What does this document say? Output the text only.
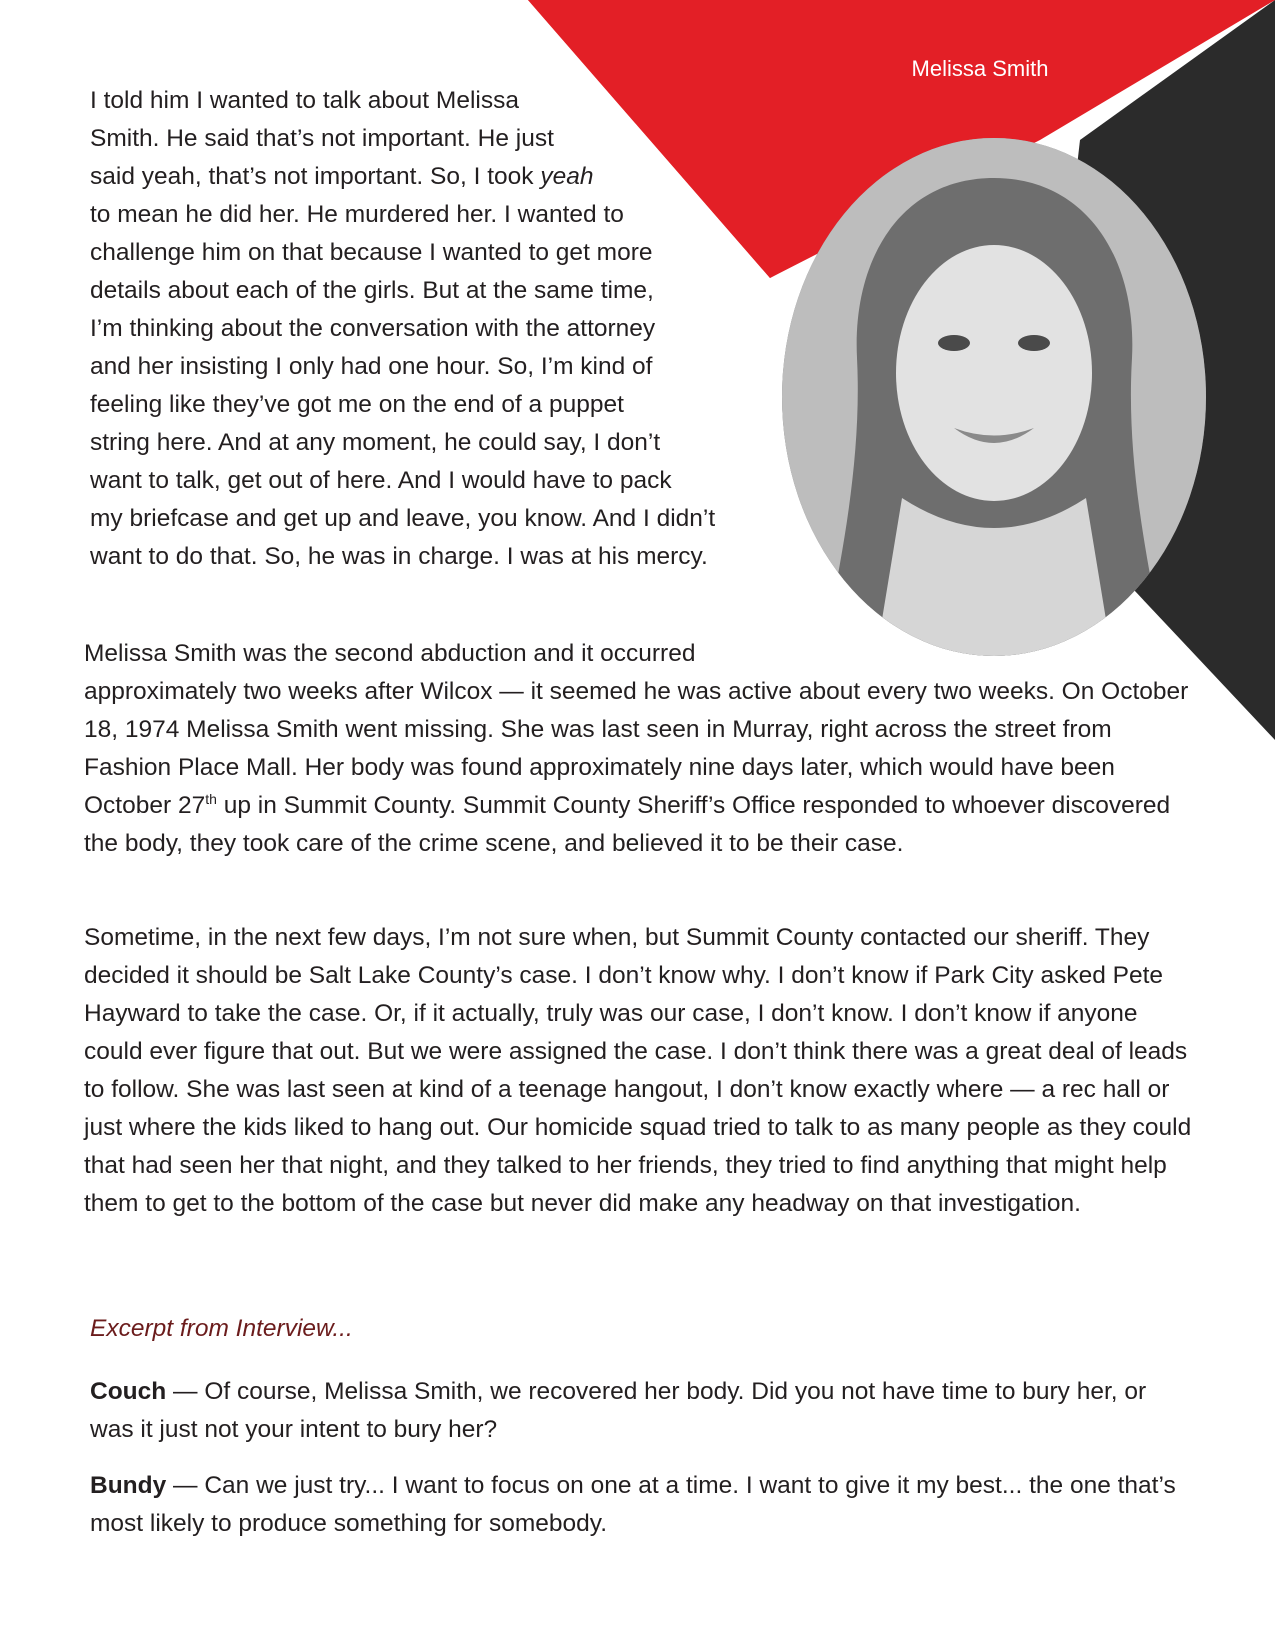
Melissa Smith
I told him I wanted to talk about Melissa
Smith. He said that’s not important. He just
said yeah, that’s not important. So, I took yeah
to mean he did her. He murdered her. I wanted to
challenge him on that because I wanted to get more
details about each of the girls. But at the same time,
I’m thinking about the conversation with the attorney
and her insisting I only had one hour. So, I’m kind of
feeling like they’ve got me on the end of a puppet
string here. And at any moment, he could say, I don’t
want to talk, get out of here. And I would have to pack
my briefcase and get up and leave, you know. And I didn’t
want to do that. So, he was in charge. I was at his mercy.
Melissa Smith was the second abduction and it occurred
approximately two weeks after Wilcox — it seemed he was active about every two weeks. On October 18, 1974 Melissa Smith went missing. She was last seen in Murray, right across the street from Fashion Place Mall. Her body was found approximately nine days later, which would have been October 27th up in Summit County. Summit County Sheriff’s Office responded to whoever discovered the body, they took care of the crime scene, and believed it to be their case.

Sometime, in the next few days, I’m not sure when, but Summit County contacted our sheriff. They decided it should be Salt Lake County’s case. I don’t know why. I don’t know if Park City asked Pete Hayward to take the case. Or, if it actually, truly was our case, I don’t know. I don’t know if anyone could ever figure that out. But we were assigned the case. I don’t think there was a great deal of leads to follow. She was last seen at kind of a teenage hangout, I don’t know exactly where — a rec hall or just where the kids liked to hang out. Our homicide squad tried to talk to as many people as they could that had seen her that night, and they talked to her friends, they tried to find anything that might help them to get to the bottom of the case but never did make any headway on that investigation.

Excerpt from Interview...

Couch — Of course, Melissa Smith, we recovered her body. Did you not have time to bury her, or was it just not your intent to bury her?

Bundy — Can we just try... I want to focus on one at a time. I want to give it my best... the one that’s most likely to produce something for somebody.
